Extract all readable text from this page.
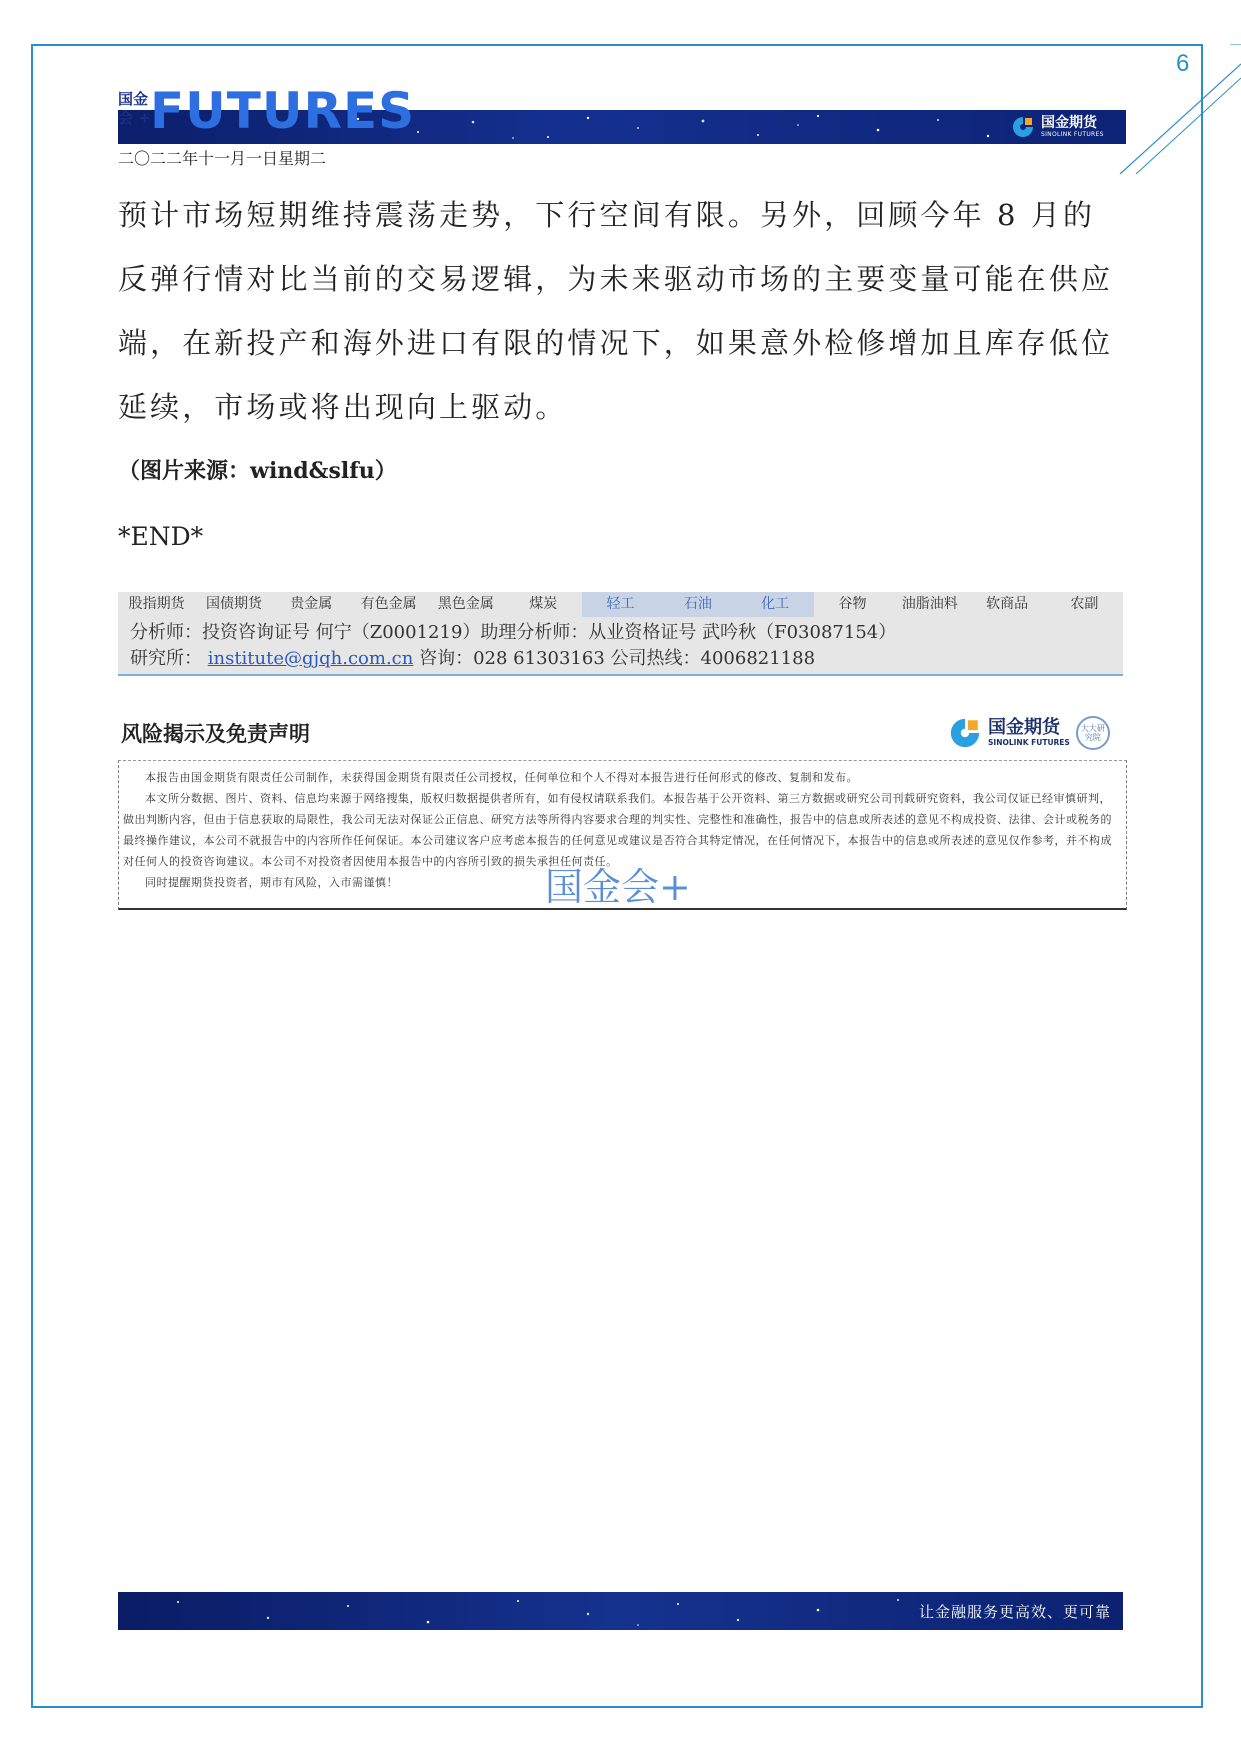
6
国金会 + FUTURES	国金期货
SINOLINK FUTURES
二〇二二年十一月一日星期二

预计市场短期维持震荡走势，下行空间有限。另外，回顾今年 8 月的反弹行情对比当前的交易逻辑，为未来驱动市场的主要变量可能在供应端，在新投产和海外进口有限的情况下，如果意外检修增加且库存低位延续，市场或将出现向上驱动。

（图片来源：wind&slfu）
*END*
股指期货	国债期货	贵金属	有色金属	黑色金属	煤炭	轻工	石油	化工	谷物	油脂油料	软商品	农副
分析师：投资咨询证号 何宁（Z0001219）助理分析师：从业资格证号 武吟秋（F03087154）
研究所： institute@gjqh.com.cn 咨询：028 61303163 公司热线：4006821188
风险揭示及免责声明	国金期货
SINOLINK FUTURES
大大研究院

本报告由国金期货有限责任公司制作，未获得国金期货有限责任公司授权，任何单位和个人不得对本报告进行任何形式的修改、复制和发布。

本文所分数据、图片、资料、信息均来源于网络搜集，版权归数据提供者所有，如有侵权请联系我们。本报告基于公开资料、第三方数据或研究公司刊载研究资料，我公司仅证已经审慎研判，做出判断内容，但由于信息获取的局限性，我公司无法对保证公正信息、研究方法等所得内容要求合理的判实性、完整性和准确性，报告中的信息或所表述的意见不构成投资、法律、会计或税务的最终操作建议，本公司不就报告中的内容所作任何保证。本公司建议客户应考虑本报告的任何意见或建议是否符合其特定情况，在任何情况下，本报告中的信息或所表述的意见仅作参考，并不构成对任何人的投资咨询建议。本公司不对投资者因使用本报告中的内容所引致的损失承担任何责任。

同时提醒期货投资者，期市有风险，入市需谨慎！	国金会+
让金融服务更高效、更可靠
